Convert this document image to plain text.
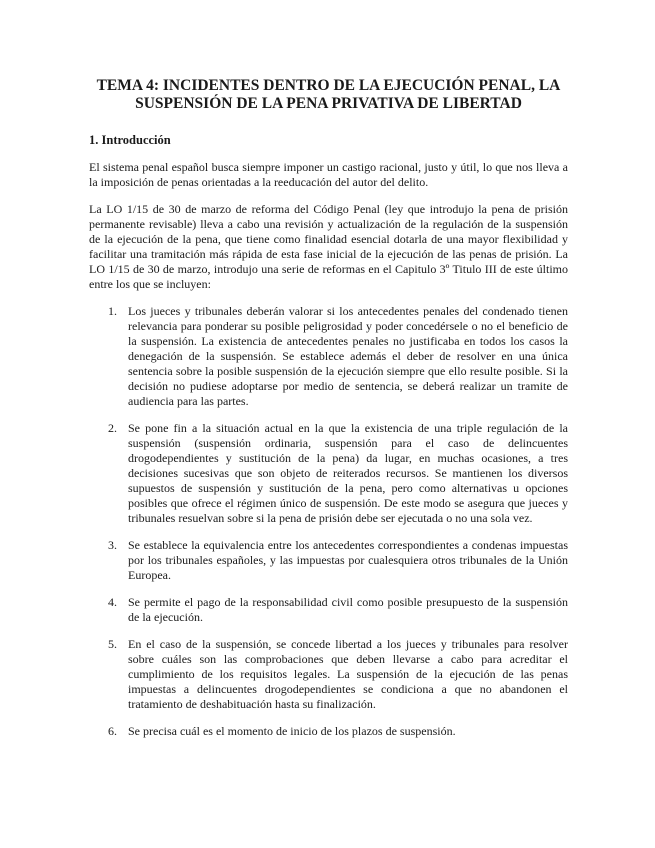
TEMA 4: INCIDENTES DENTRO DE LA EJECUCIÓN PENAL, LA
SUSPENSIÓN DE LA PENA PRIVATIVA DE LIBERTAD
1. Introducción

El sistema penal español busca siempre imponer un castigo racional, justo y útil, lo que nos lleva a la imposición de penas orientadas a la reeducación del autor del delito.

La LO 1/15 de 30 de marzo de reforma del Código Penal (ley que introdujo la pena de prisión permanente revisable) lleva a cabo una revisión y actualización de la regulación de la suspensión de la ejecución de la pena, que tiene como finalidad esencial dotarla de una mayor flexibilidad y facilitar una tramitación más rápida de esta fase inicial de la ejecución de las penas de prisión. La LO 1/15 de 30 de marzo, introdujo una serie de reformas en el Capitulo 3º Titulo III de este último entre los que se incluyen:

1. Los jueces y tribunales deberán valorar si los antecedentes penales del condenado tienen relevancia para ponderar su posible peligrosidad y poder concedérsele o no el beneficio de la suspensión. La existencia de antecedentes penales no justificaba en todos los casos la denegación de la suspensión. Se establece además el deber de resolver en una única sentencia sobre la posible suspensión de la ejecución siempre que ello resulte posible. Si la decisión no pudiese adoptarse por medio de sentencia, se deberá realizar un tramite de audiencia para las partes.
2. Se pone fin a la situación actual en la que la existencia de una triple regulación de la suspensión (suspensión ordinaria, suspensión para el caso de delincuentes drogodependientes y sustitución de la pena) da lugar, en muchas ocasiones, a tres decisiones sucesivas que son objeto de reiterados recursos. Se mantienen los diversos supuestos de suspensión y sustitución de la pena, pero como alternativas u opciones posibles que ofrece el régimen único de suspensión. De este modo se asegura que jueces y tribunales resuelvan sobre si la pena de prisión debe ser ejecutada o no una sola vez.
3. Se establece la equivalencia entre los antecedentes correspondientes a condenas impuestas por los tribunales españoles, y las impuestas por cualesquiera otros tribunales de la Unión Europea.
4. Se permite el pago de la responsabilidad civil como posible presupuesto de la suspensión de la ejecución.
5. En el caso de la suspensión, se concede libertad a los jueces y tribunales para resolver sobre cuáles son las comprobaciones que deben llevarse a cabo para acreditar el cumplimiento de los requisitos legales. La suspensión de la ejecución de las penas impuestas a delincuentes drogodependientes se condiciona a que no abandonen el tratamiento de deshabituación hasta su finalización.
6. Se precisa cuál es el momento de inicio de los plazos de suspensión.
